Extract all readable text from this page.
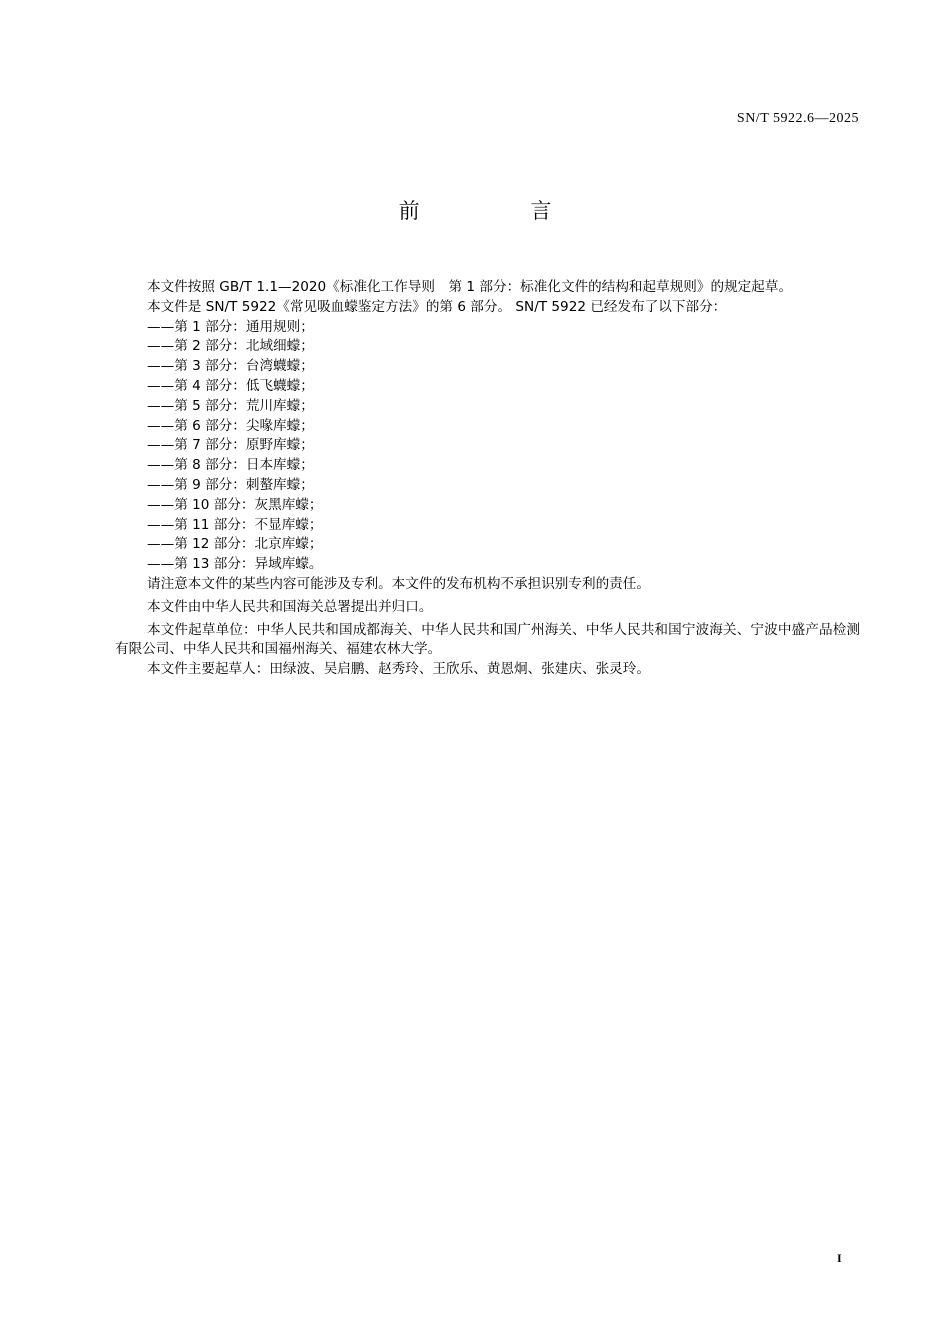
SN/T 5922.6—2025
前 言

本文件按照 GB/T 1.1—2020《标准化工作导则　第 1 部分：标准化文件的结构和起草规则》的规定起草。

本文件是 SN/T 5922《常见吸血蠓鉴定方法》的第 6 部分。 SN/T 5922 已经发布了以下部分：

——第 1 部分：通用规则；
——第 2 部分：北域细蠓；
——第 3 部分：台湾蠛蠓；
——第 4 部分：低飞蠛蠓；
——第 5 部分：荒川库蠓；
——第 6 部分：尖喙库蠓；
——第 7 部分：原野库蠓；
——第 8 部分：日本库蠓；
——第 9 部分：刺螯库蠓；
——第 10 部分：灰黑库蠓；
——第 11 部分：不显库蠓；
——第 12 部分：北京库蠓；
——第 13 部分：异域库蠓。

请注意本文件的某些内容可能涉及专利。本文件的发布机构不承担识别专利的责任。

本文件由中华人民共和国海关总署提出并归口。

本文件起草单位：中华人民共和国成都海关、中华人民共和国广州海关、中华人民共和国宁波海关、宁波中盛产品检测有限公司、中华人民共和国福州海关、福建农林大学。

本文件主要起草人：田绿波、吴启鹏、赵秀玲、王欣乐、黄恩炯、张建庆、张灵玲。

I
